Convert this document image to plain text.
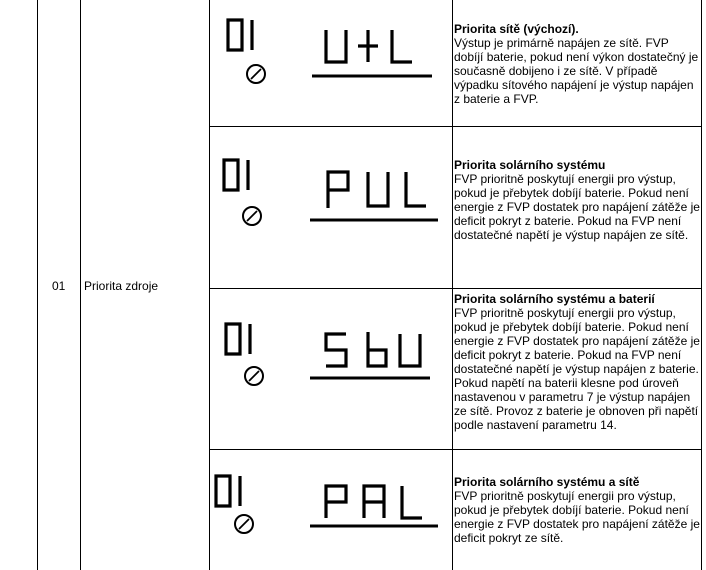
01 Priorita zdroje
Priorita sítě (výchozí).
Výstup je primárně napájen ze sítě. FVP dobíjí baterie, pokud není výkon dostatečný je současně dobijeno i ze sítě. V případě výpadku sítového napájení je výstup napájen z baterie a FVP.
Priorita solárního systému
FVP prioritně poskytují energii pro výstup, pokud je přebytek dobíjí baterie. Pokud není energie z FVP dostatek pro napájení zátěže je deficit pokryt z baterie. Pokud na FVP není dostatečné napětí je výstup napájen ze sítě.
Priorita solárního systému a baterií
FVP prioritně poskytují energii pro výstup, pokud je přebytek dobíjí baterie. Pokud není energie z FVP dostatek pro napájení zátěže je deficit pokryt z baterie. Pokud na FVP není dostatečné napětí je výstup napájen z baterie. Pokud napětí na baterii klesne pod úroveň nastavenou v parametru 7 je výstup napájen ze sítě. Provoz z baterie je obnoven při napětí podle nastavení parametru 14.
Priorita solárního systému a sítě
FVP prioritně poskytují energii pro výstup, pokud je přebytek dobíjí baterie. Pokud není energie z FVP dostatek pro napájení zátěže je deficit pokryt ze sítě.
